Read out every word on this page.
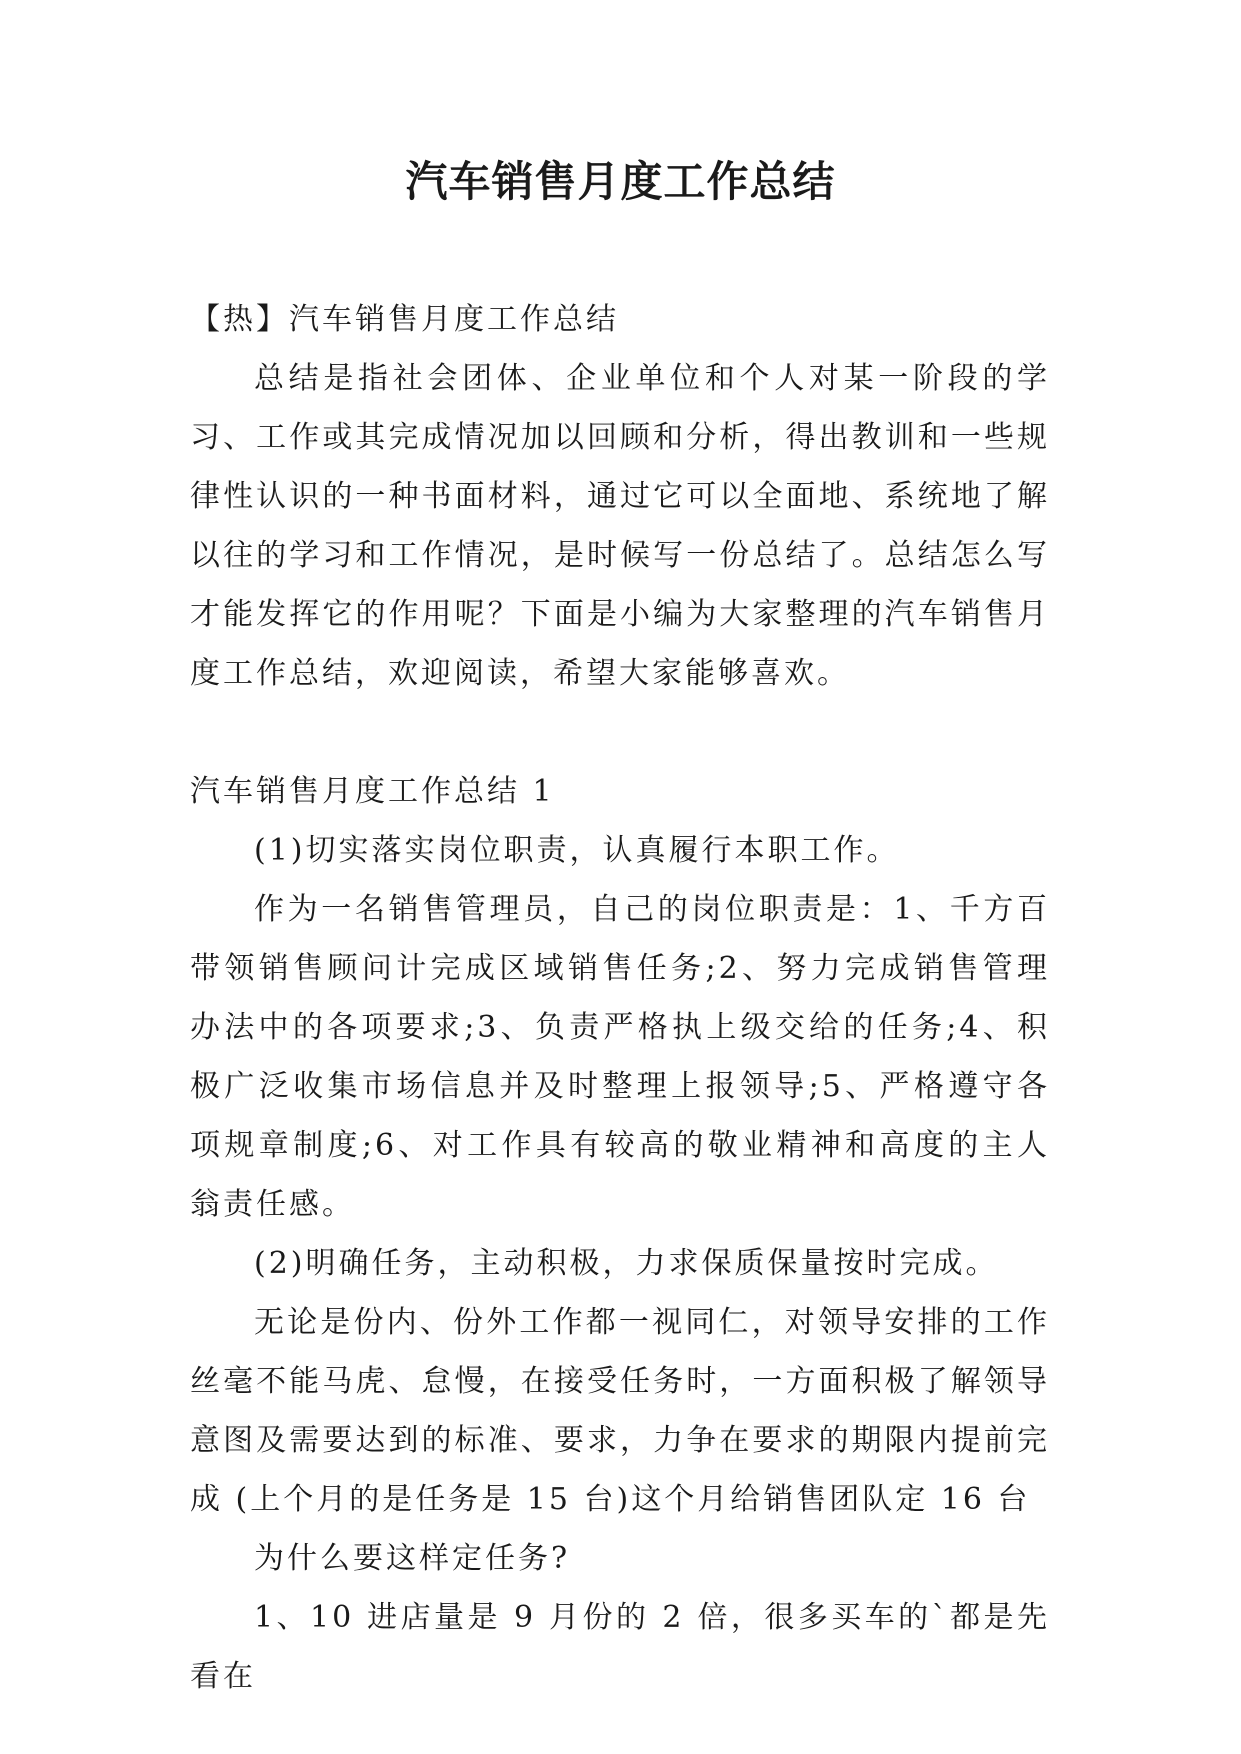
汽车销售月度工作总结

【热】汽车销售月度工作总结

总结是指社会团体、企业单位和个人对某一阶段的学习、工作或其完成情况加以回顾和分析，得出教训和一些规律性认识的一种书面材料，通过它可以全面地、系统地了解以往的学习和工作情况，是时候写一份总结了。总结怎么写才能发挥它的作用呢？下面是小编为大家整理的汽车销售月度工作总结，欢迎阅读，希望大家能够喜欢。

汽车销售月度工作总结 1

(1)切实落实岗位职责，认真履行本职工作。

作为一名销售管理员，自己的岗位职责是：1、千方百带领销售顾问计完成区域销售任务;2、努力完成销售管理办法中的各项要求;3、负责严格执上级交给的任务;4、积极广泛收集市场信息并及时整理上报领导;5、严格遵守各项规章制度;6、对工作具有较高的敬业精神和高度的主人翁责任感。

(2)明确任务，主动积极，力求保质保量按时完成。

无论是份内、份外工作都一视同仁，对领导安排的工作丝毫不能马虎、怠慢，在接受任务时，一方面积极了解领导意图及需要达到的标准、要求，力争在要求的期限内提前完成 (上个月的是任务是 15 台)这个月给销售团队定 16 台

为什么要这样定任务?

1、10 进店量是 9 月份的 2 倍，很多买车的`都是先看在
